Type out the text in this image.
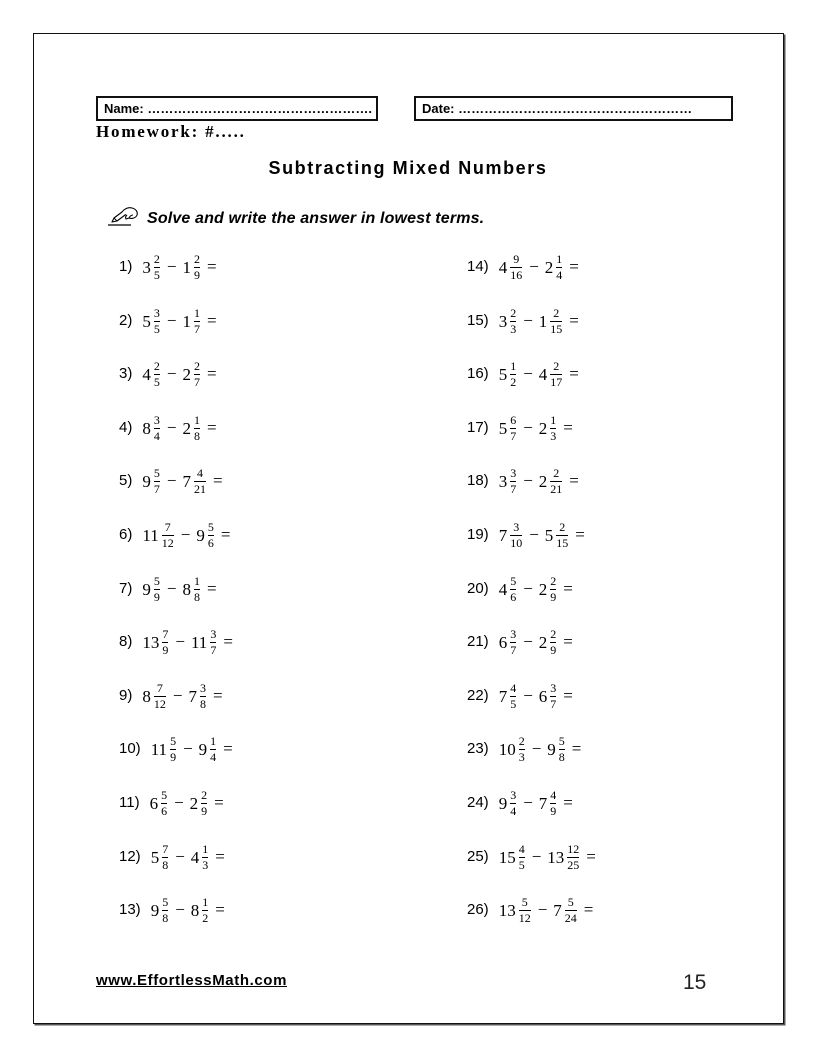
Name: …………………………………………….	Date: ………………………………………………
Homework: #.....
Subtracting Mixed Numbers
Solve and write the answer in lowest terms.
1) $3 \frac{2}{5} - 1 \frac{2}{9}$ =
2) $5 \frac{3}{5} - 1 \frac{1}{7}$ =
3) $4 \frac{2}{5} - 2 \frac{2}{7}$ =
4) $8 \frac{3}{4} - 2 \frac{1}{8}$ =
5) $9 \frac{5}{7} - 7 \frac{4}{21}$ =
6) $11 \frac{7}{12} - 9 \frac{5}{6}$ =
7) $9 \frac{5}{9} - 8 \frac{1}{8}$ =
8) $13 \frac{7}{9} - 11 \frac{3}{7}$ =
9) $8 \frac{7}{12} - 7 \frac{3}{8}$ =
10) $11 \frac{5}{9} - 9 \frac{1}{4}$ =
11) $6 \frac{5}{6} - 2 \frac{2}{9}$ =
12) $5 \frac{7}{8} - 4 \frac{1}{3}$ =
13) $9 \frac{5}{8} - 8 \frac{1}{2}$ =
14) $4 \frac{9}{16} - 2 \frac{1}{4}$ =
15) $3 \frac{2}{3} - 1 \frac{2}{15}$ =
16) $5 \frac{1}{2} - 4 \frac{2}{17}$ =
17) $5 \frac{6}{7} - 2 \frac{1}{3}$ =
18) $3 \frac{3}{7} - 2 \frac{2}{21}$ =
19) $7 \frac{3}{10} - 5 \frac{2}{15}$ =
20) $4 \frac{5}{6} - 2 \frac{2}{9}$ =
21) $6 \frac{3}{7} - 2 \frac{2}{9}$ =
22) $7 \frac{4}{5} - 6 \frac{3}{7}$ =
23) $10 \frac{2}{3} - 9 \frac{5}{8}$ =
24) $9 \frac{3}{4} - 7 \frac{4}{9}$ =
25) $15 \frac{4}{5} - 13 \frac{12}{25}$ =
26) $13 \frac{5}{12} - 7 \frac{5}{24}$ =
www.EffortlessMath.com	15
